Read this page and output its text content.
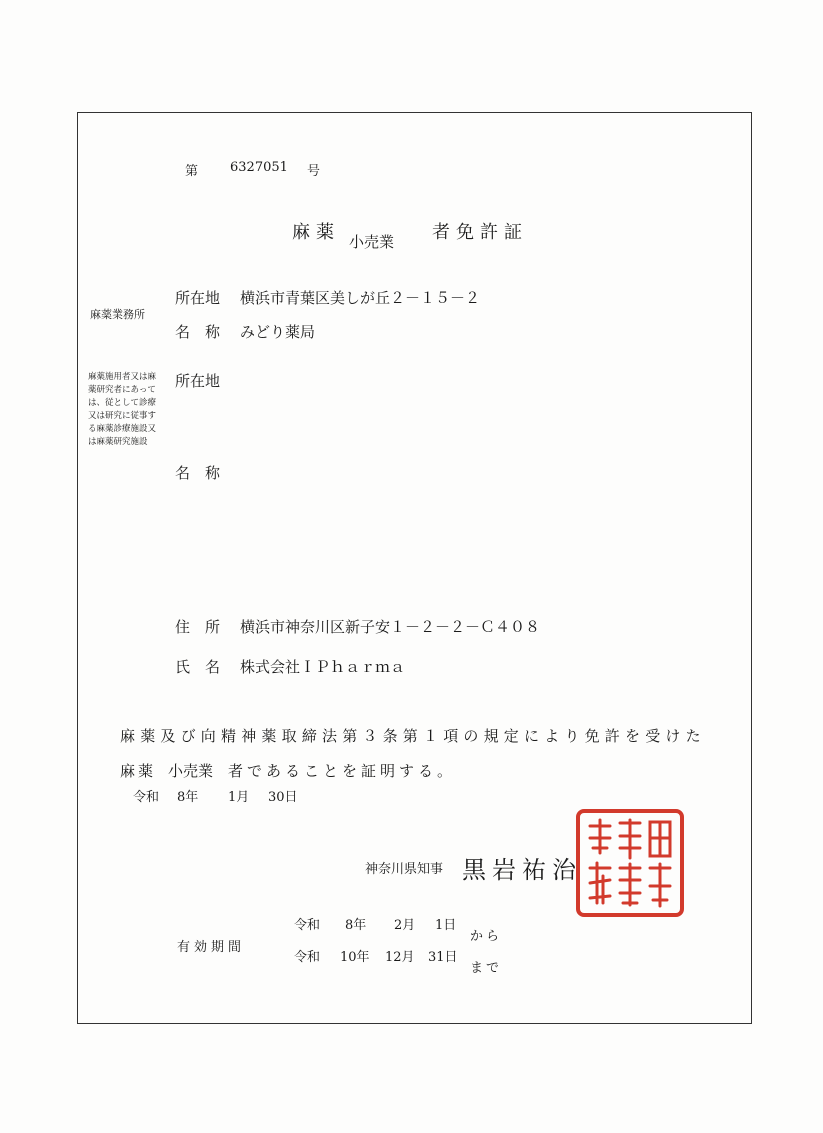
第 6327051 号
麻薬 小売業 者免許証
麻薬業務所
所在地 横浜市青葉区美しが丘２－１５－２
名　称 みどり薬局
麻薬施用者又は麻薬研究者にあっては、従として診療又は研究に従事する麻薬診療施設又は麻薬研究施設
所在地
名　称
住　所 横浜市神奈川区新子安１－２－２－Ｃ４０８
氏　名 株式会社ＩＰｈａｒｍａ
麻薬及び向精神薬取締法第３条第１項の規定により免許を受けた
麻薬 小売業 者であることを証明する。
令和 8年 1月 30日
神奈川県知事 黒岩祐治
有効期間
令和 8年 2月 1日
から
令和 10年 12月 31日
まで
